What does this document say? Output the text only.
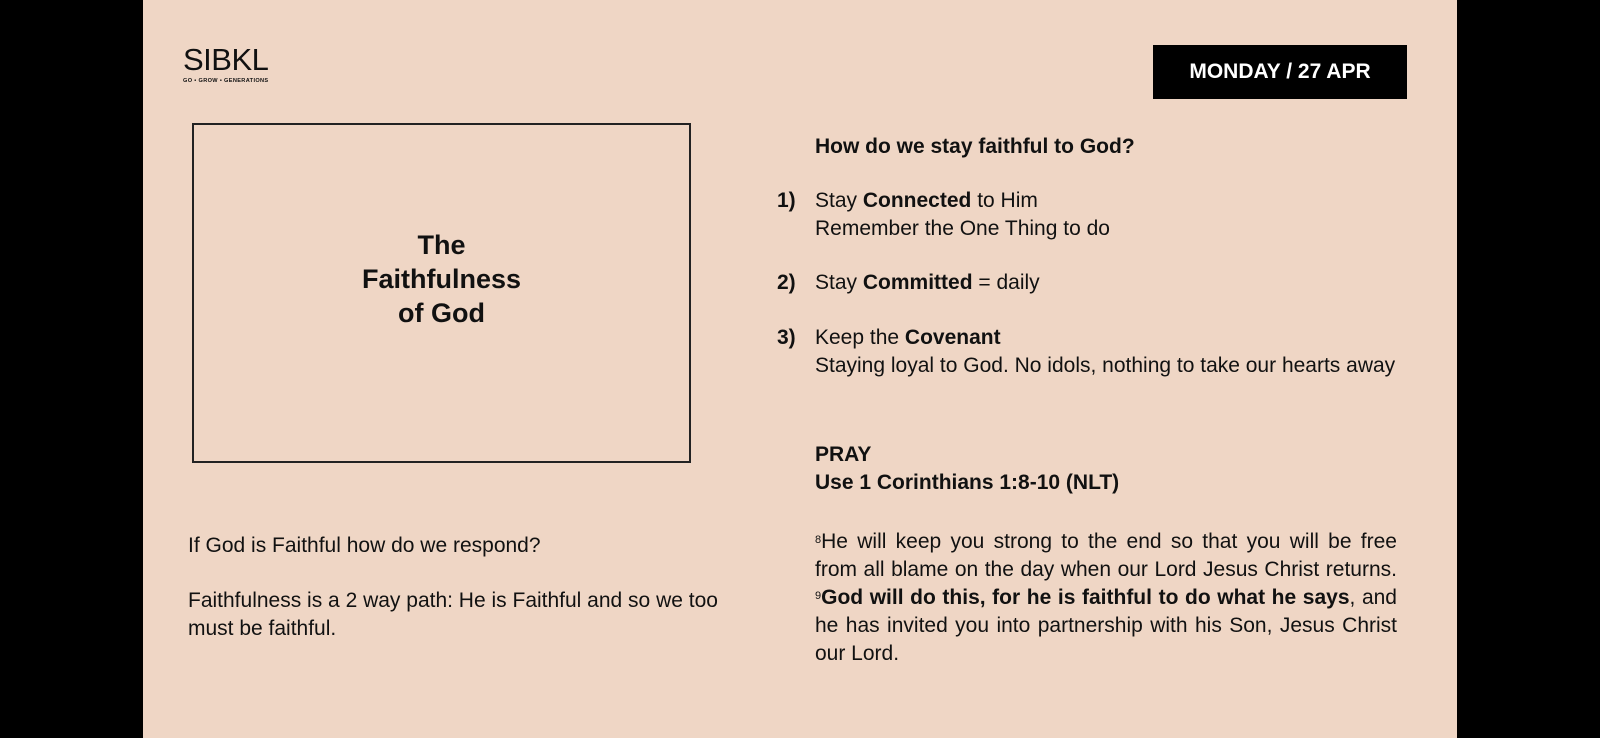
SIBKL
GO • GROW • GENERATIONS	MONDAY / 27 APR
The
Faithfulness
of God
If God is Faithful how do we respond?
Faithfulness is a 2 way path: He is Faithful and so we too must be faithful.
How do we stay faithful to God?
1) Stay Connected to Him
Remember the One Thing to do
2) Stay Committed = daily
3) Keep the Covenant
Staying loyal to God. No idols, nothing to take our hearts away
PRAY
Use 1 Corinthians 1:8-10 (NLT)
$^8$He will keep you strong to the end so that you will be free from all blame on the day when our Lord Jesus Christ returns. $^9$God will do this, for he is faithful to do what he says, and he has invited you into partnership with his Son, Jesus Christ our Lord.
